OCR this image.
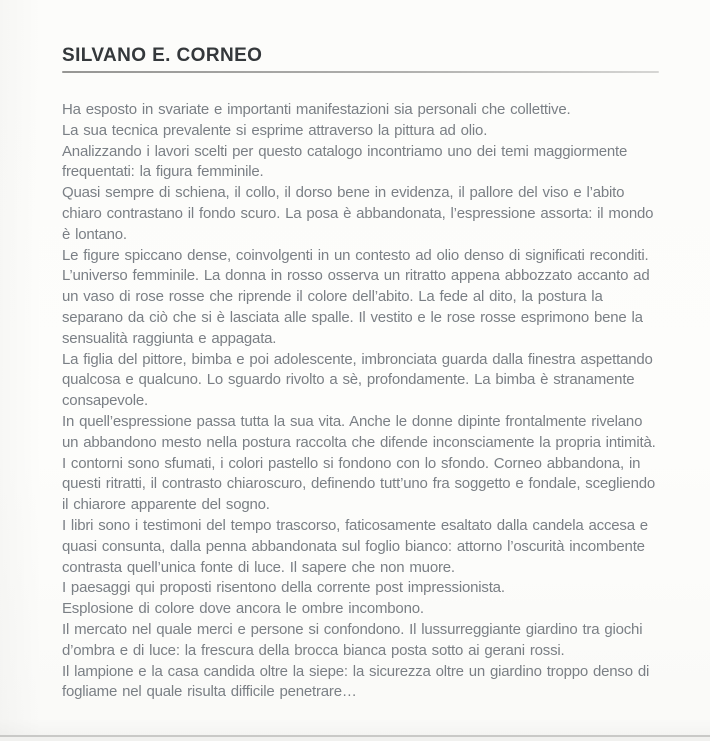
SILVANO E. CORNEO

Ha esposto in svariate e importanti manifestazioni sia personali che collettive.

La sua tecnica prevalente si esprime attraverso la pittura ad olio.

Analizzando i lavori scelti per questo catalogo incontriamo uno dei temi maggiormente frequentati: la figura femminile.

Quasi sempre di schiena, il collo, il dorso bene in evidenza, il pallore del viso e l’abito chiaro contrastano il fondo scuro. La posa è abbandonata, l’espressione assorta: il mondo è lontano.

Le figure spiccano dense, coinvolgenti in un contesto ad olio denso di significati reconditi.

L’universo femminile. La donna in rosso osserva un ritratto appena abbozzato accanto ad un vaso di rose rosse che riprende il colore dell’abito. La fede al dito, la postura la separano da ciò che si è lasciata alle spalle. Il vestito e le rose rosse esprimono bene la sensualità raggiunta e appagata.

La figlia del pittore, bimba e poi adolescente, imbronciata guarda dalla finestra aspettando qualcosa e qualcuno. Lo sguardo rivolto a sè, profondamente. La bimba è stranamente consapevole.

In quell’espressione passa tutta la sua vita. Anche le donne dipinte frontalmente rivelano un abbandono mesto nella postura raccolta che difende inconsciamente la propria intimità. I contorni sono sfumati, i colori pastello si fondono con lo sfondo. Corneo abbandona, in questi ritratti, il contrasto chiaroscuro, definendo tutt’uno fra soggetto e fondale, scegliendo il chiarore apparente del sogno.

I libri sono i testimoni del tempo trascorso, faticosamente esaltato dalla candela accesa e quasi consunta, dalla penna abbandonata sul foglio bianco: attorno l’oscurità incombente contrasta quell’unica fonte di luce. Il sapere che non muore.

I paesaggi qui proposti risentono della corrente post impressionista.

Esplosione di colore dove ancora le ombre incombono.

Il mercato nel quale merci e persone si confondono. Il lussurreggiante giardino tra giochi d’ombra e di luce: la frescura della brocca bianca posta sotto ai gerani rossi.

Il lampione e la casa candida oltre la siepe: la sicurezza oltre un giardino troppo denso di fogliame nel quale risulta difficile penetrare…
